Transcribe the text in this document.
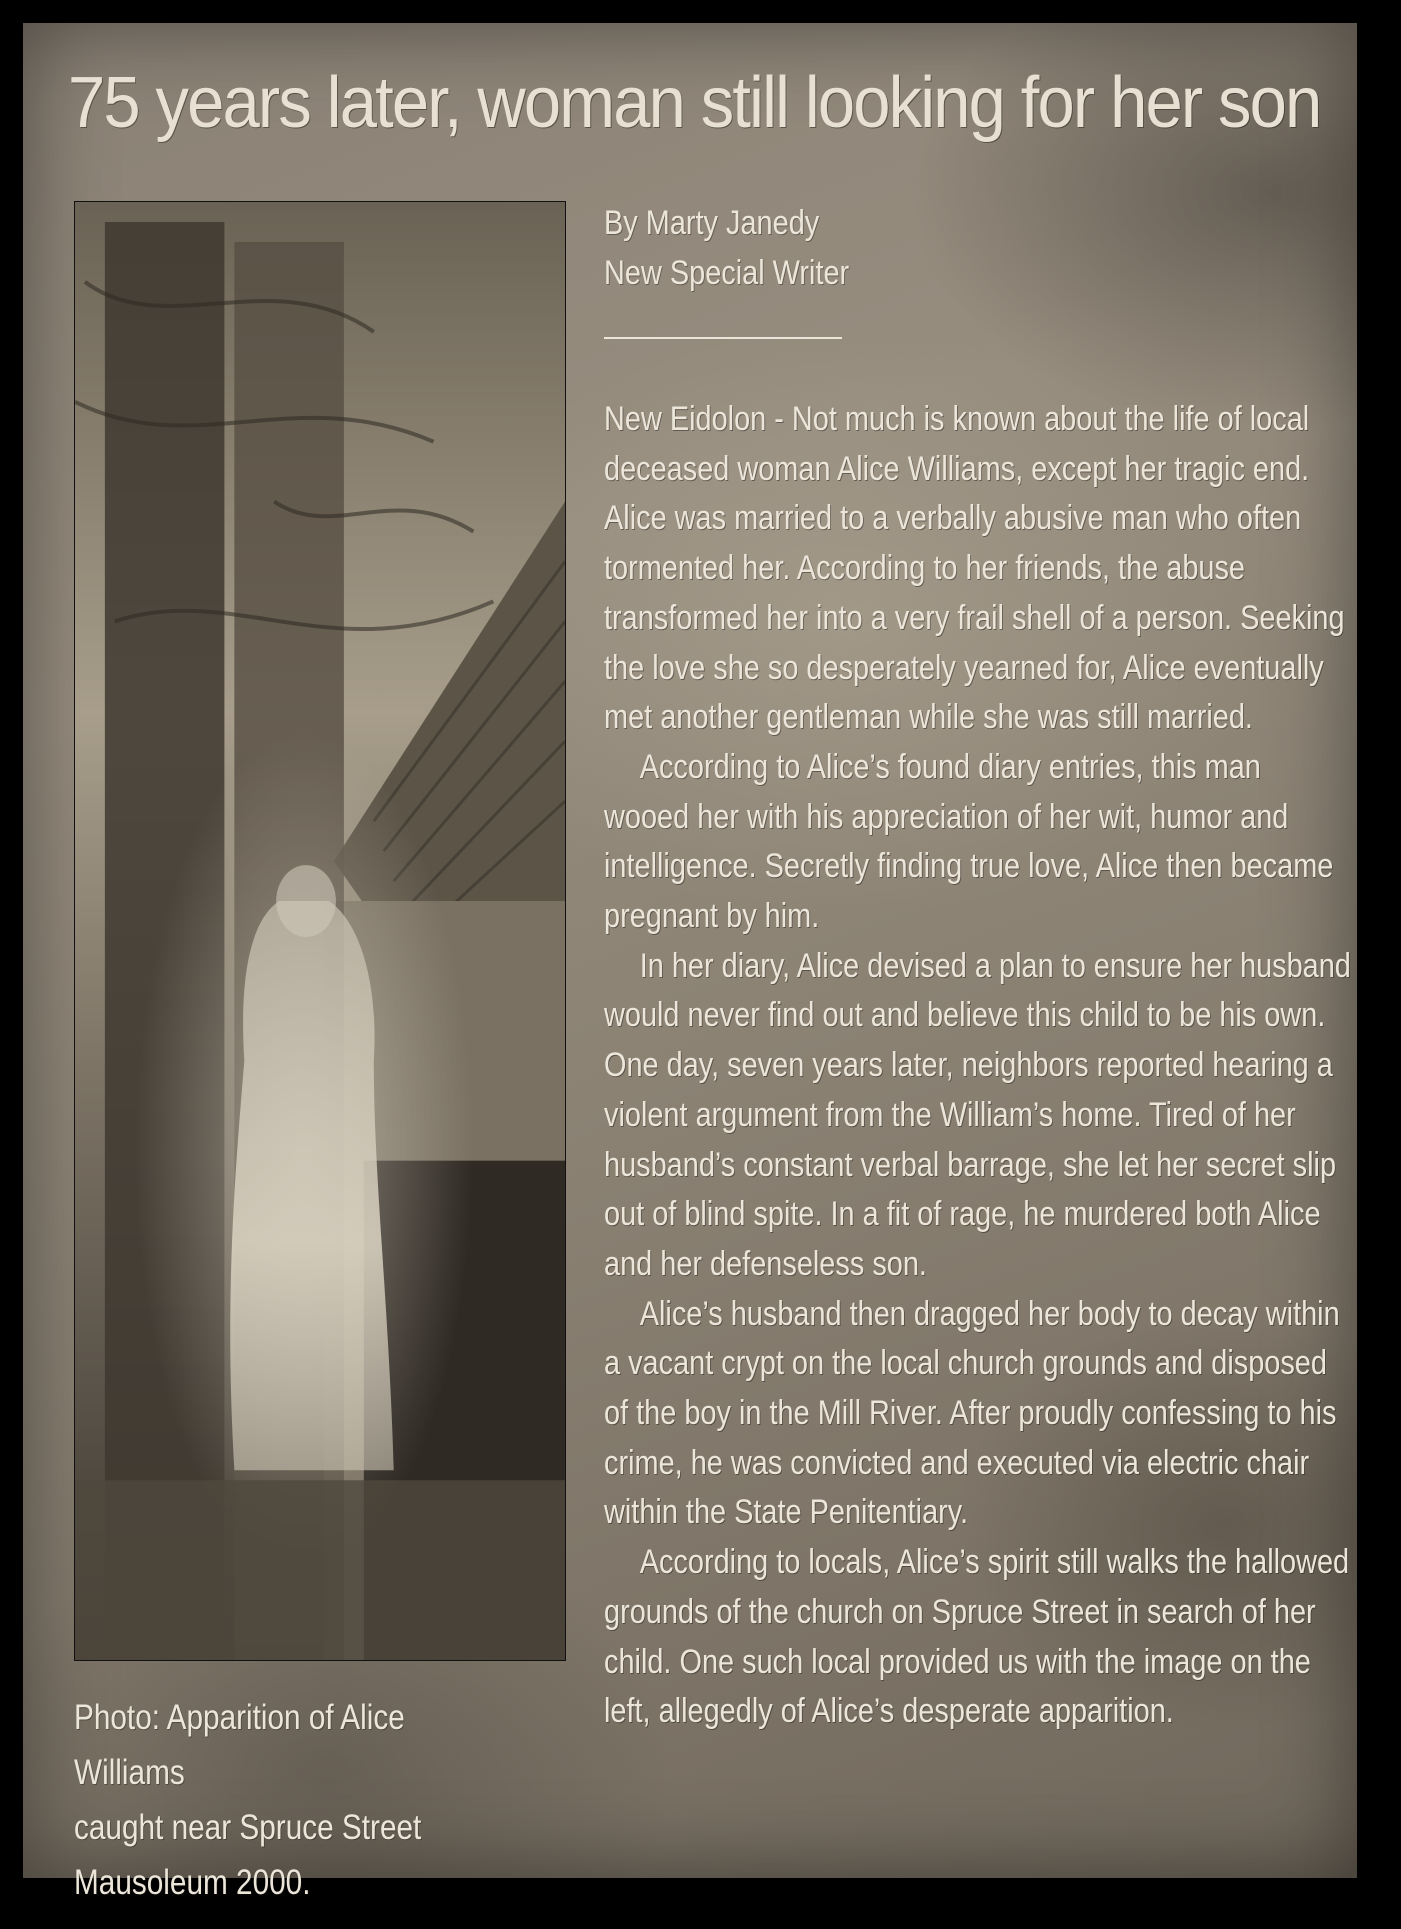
75 years later, woman still looking for her son
Photo: Apparition of Alice Williams
caught near Spruce Street
Mausoleum 2000.
By Marty Janedy
New Special Writer

New Eidolon - Not much is known about the life of local

deceased woman Alice Williams, except her tragic end.

Alice was married to a verbally abusive man who often

tormented her. According to her friends, the abuse

transformed her into a very frail shell of a person. Seeking

the love she so desperately yearned for, Alice eventually

met another gentleman while she was still married.

According to Alice’s found diary entries, this man

wooed her with his appreciation of her wit, humor and

intelligence. Secretly finding true love, Alice then became

pregnant by him.

In her diary, Alice devised a plan to ensure her husband

would never find out and believe this child to be his own.

One day, seven years later, neighbors reported hearing a

violent argument from the William’s home. Tired of her

husband’s constant verbal barrage, she let her secret slip

out of blind spite. In a fit of rage, he murdered both Alice

and her defenseless son.

Alice’s husband then dragged her body to decay within

a vacant crypt on the local church grounds and disposed

of the boy in the Mill River. After proudly confessing to his

crime, he was convicted and executed via electric chair

within the State Penitentiary.

According to locals, Alice’s spirit still walks the hallowed

grounds of the church on Spruce Street in search of her

child. One such local provided us with the image on the

left, allegedly of Alice’s desperate apparition.
